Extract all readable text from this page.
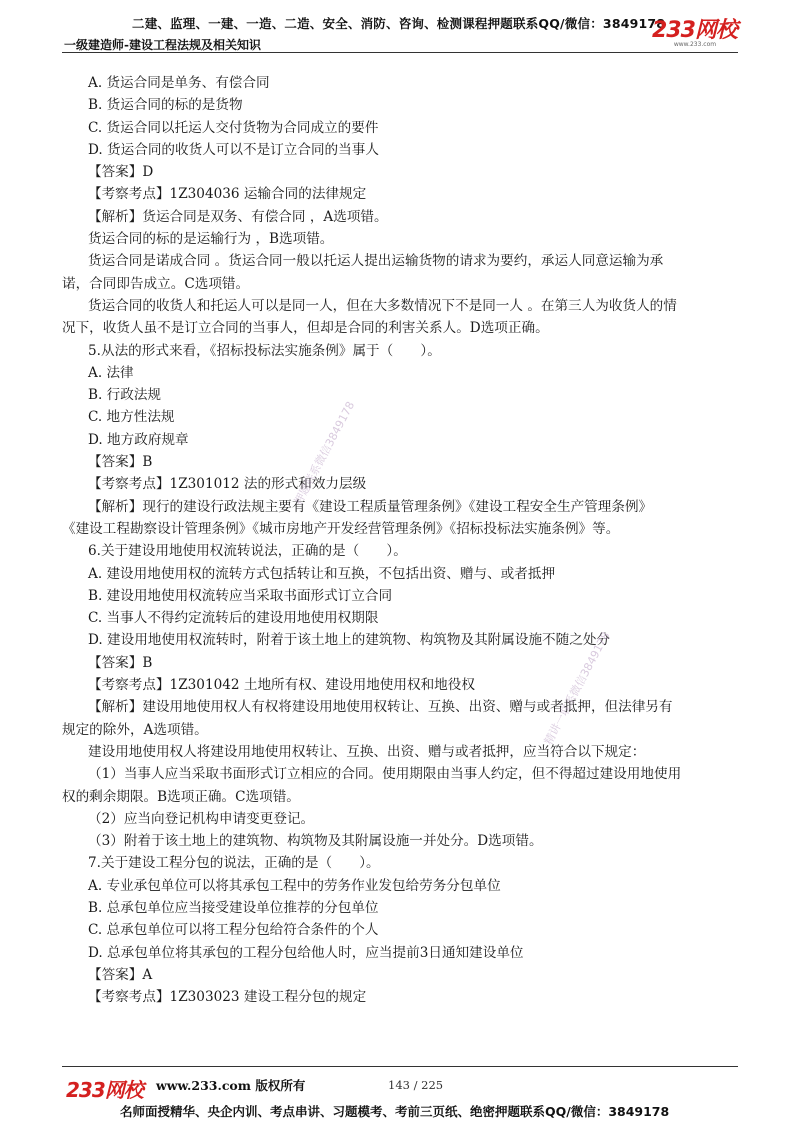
二建、监理、一建、一造、二造、安全、消防、咨询、检测课程押题联系QQ/微信：3849178
一级建造师-建设工程法规及相关知识
233网校
www.233.com
A. 货运合同是单务、有偿合同
B. 货运合同的标的是货物
C. 货运合同以托运人交付货物为合同成立的要件
D. 货运合同的收货人可以不是订立合同的当事人
【答案】D
【考察考点】1Z304036 运输合同的法律规定
【解析】货运合同是双务、有偿合同 ，A选项错。
货运合同的标的是运输行为 ，B选项错。
货运合同是诺成合同 。货运合同一般以托运人提出运输货物的请求为要约，承运人同意运输为承
诺，合同即告成立。C选项错。
货运合同的收货人和托运人可以是同一人，但在大多数情况下不是同一人 。在第三人为收货人的情
况下，收货人虽不是订立合同的当事人，但却是合同的利害关系人。D选项正确。
5.从法的形式来看，《招标投标法实施条例》属于（　　）。
A. 法律
B. 行政法规
C. 地方性法规
D. 地方政府规章
【答案】B
【考察考点】1Z301012 法的形式和效力层级
【解析】现行的建设行政法规主要有《建设工程质量管理条例》《建设工程安全生产管理条例》
《建设工程勘察设计管理条例》《城市房地产开发经营管理条例》《招标投标法实施条例》等。
6.关于建设用地使用权流转说法，正确的是（　　）。
A. 建设用地使用权的流转方式包括转让和互换，不包括出资、赠与、或者抵押
B. 建设用地使用权流转应当采取书面形式订立合同
C. 当事人不得约定流转后的建设用地使用权期限
D. 建设用地使用权流转时，附着于该土地上的建筑物、构筑物及其附属设施不随之处分
【答案】B
【考察考点】1Z301042 土地所有权、建设用地使用权和地役权
【解析】建设用地使用权人有权将建设用地使用权转让、互换、出资、赠与或者抵押，但法律另有
规定的除外，A选项错。
建设用地使用权人将建设用地使用权转让、互换、出资、赠与或者抵押，应当符合以下规定：
（1）当事人应当采取书面形式订立相应的合同。使用期限由当事人约定，但不得超过建设用地使用
权的剩余期限。B选项正确。C选项错。
（2）应当向登记机构申请变更登记。
（3）附着于该土地上的建筑物、构筑物及其附属设施一并处分。D选项错。
7.关于建设工程分包的说法，正确的是（　　）。
A. 专业承包单位可以将其承包工程中的劳务作业发包给劳务分包单位
B. 总承包单位应当接受建设单位推荐的分包单位
C. 总承包单位可以将工程分包给符合条件的个人
D. 总承包单位将其承包的工程分包给他人时，应当提前3日通知建设单位
【答案】A
【考察考点】1Z303023 建设工程分包的规定
押题联系微信3849178
精讲一联系微信3849178
233网校 www.233.com 版权所有	143 / 225
名师面授精华、央企内训、考点串讲、习题模考、考前三页纸、绝密押题联系QQ/微信：3849178
